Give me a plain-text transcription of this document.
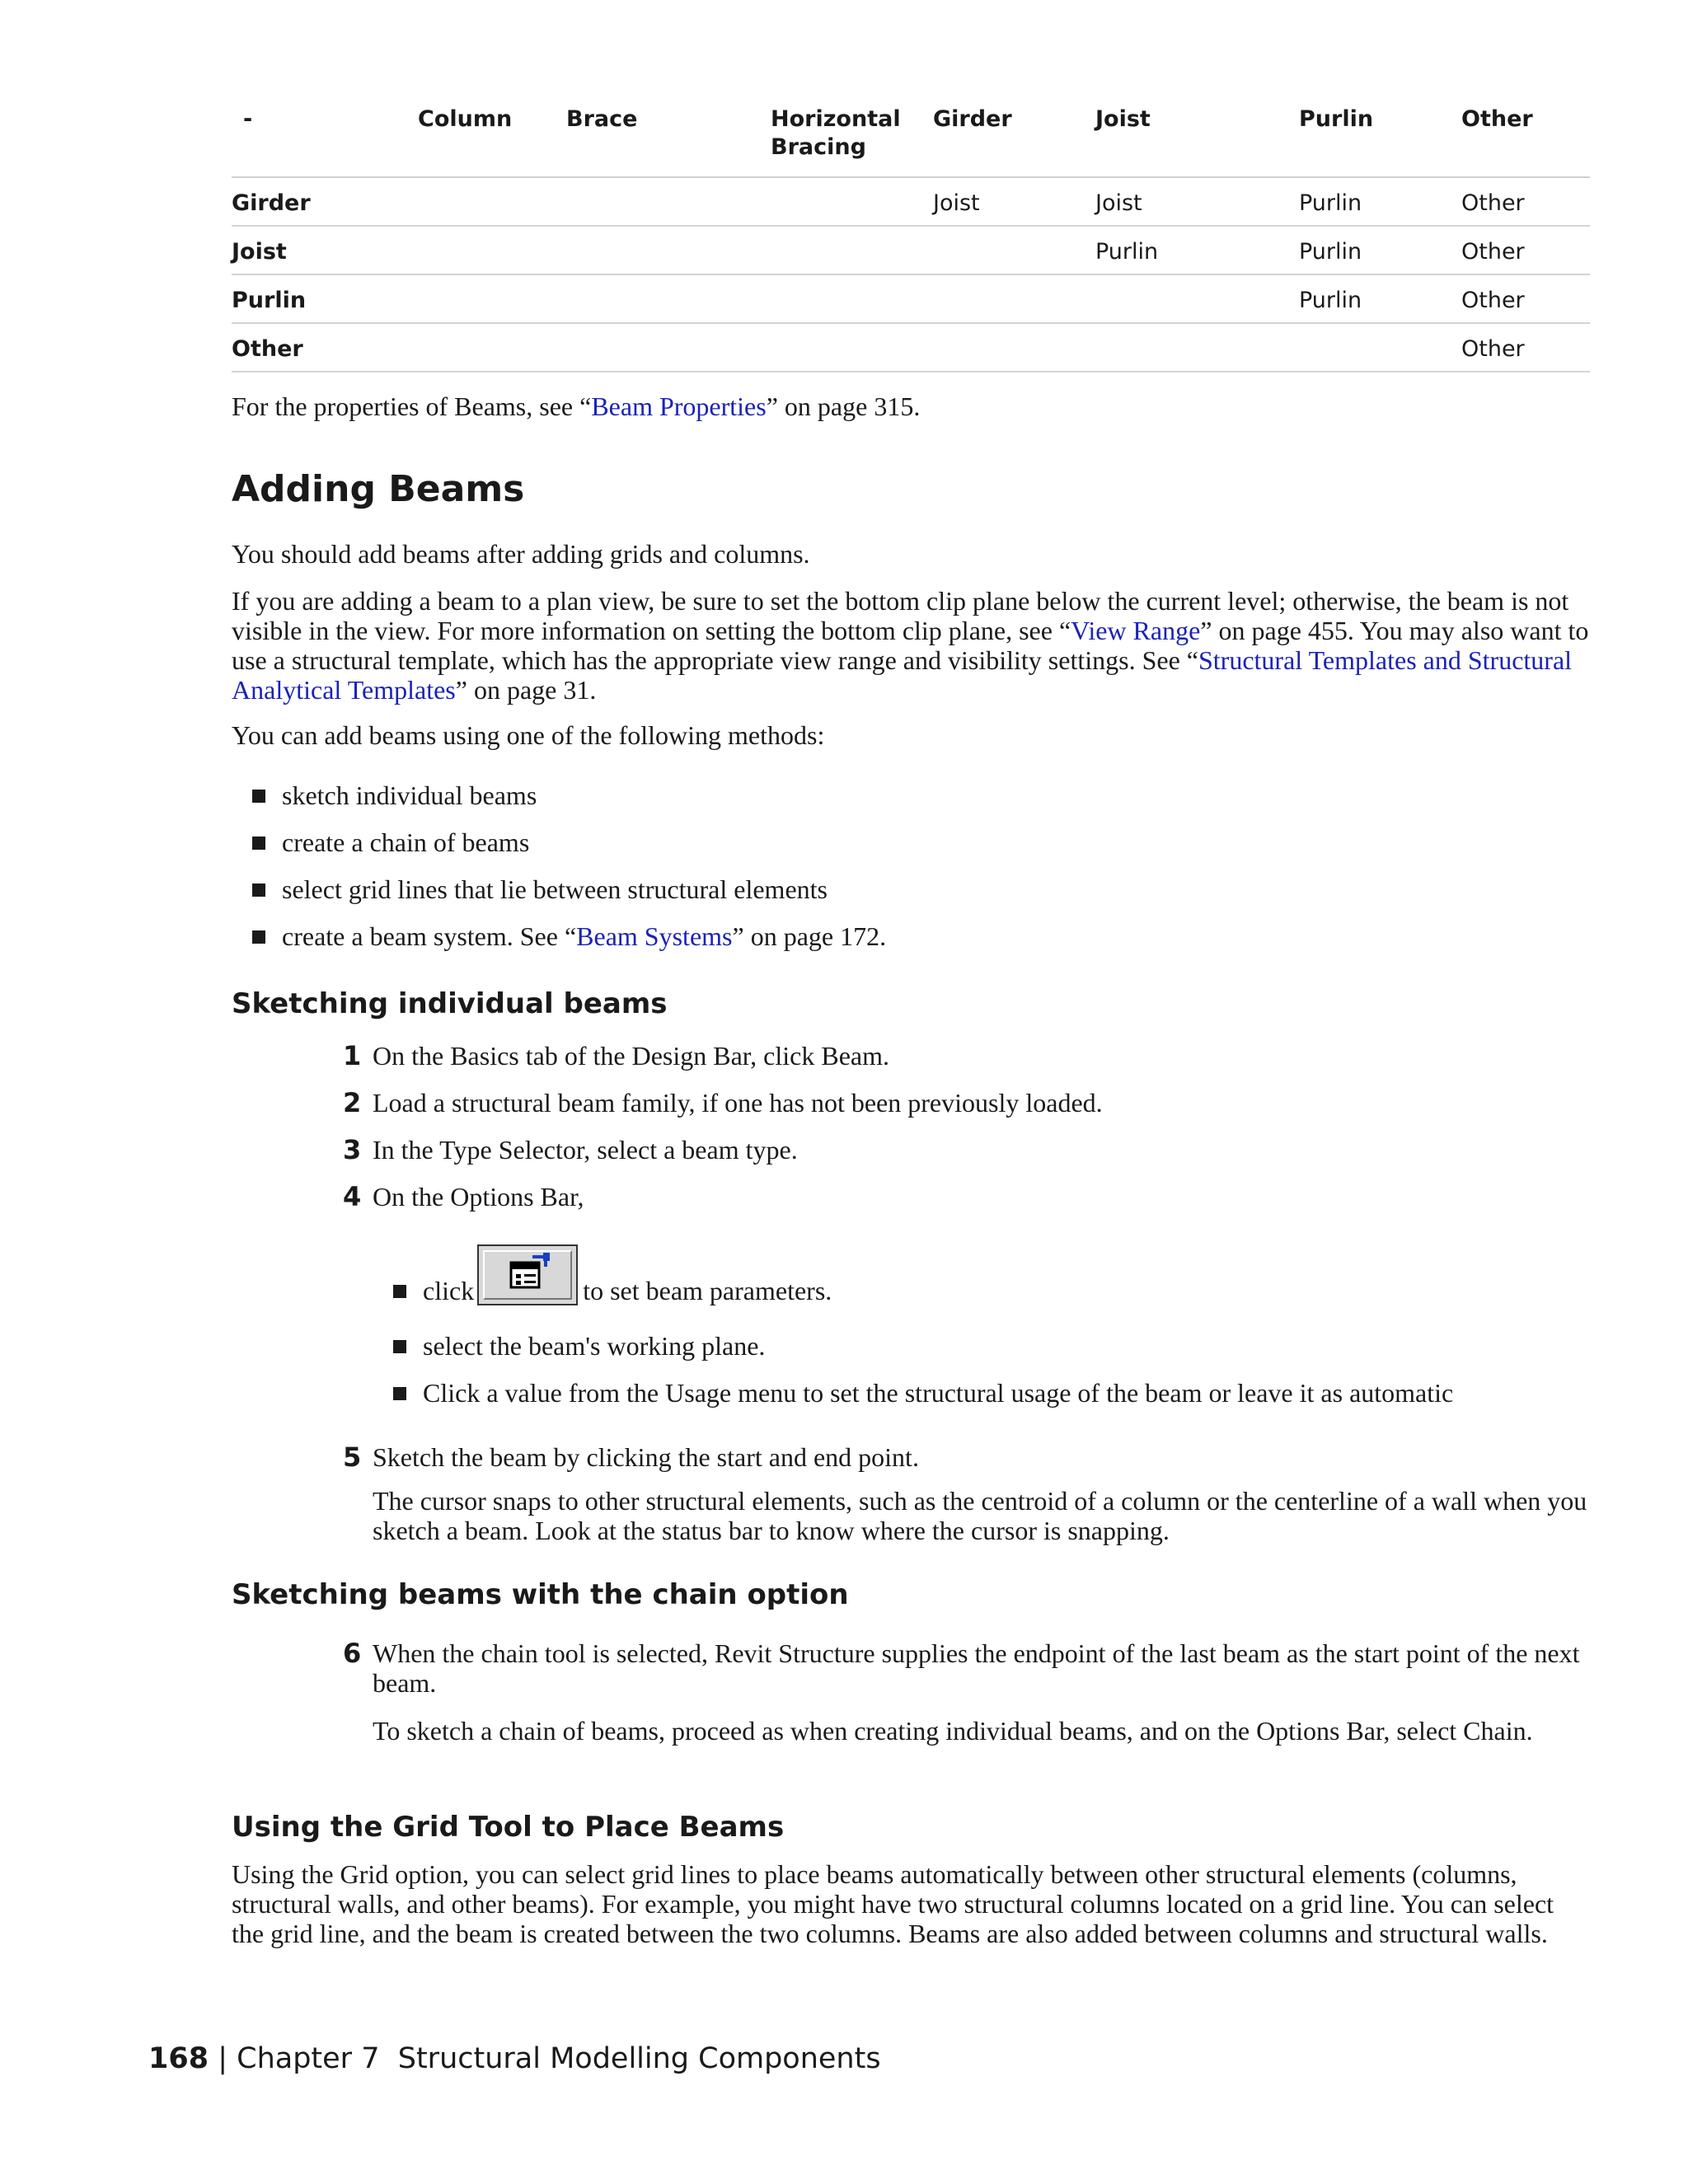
-	Column	Brace	Horizontal Bracing	Girder	Joist	Purlin	Other
Girder				Joist	Joist	Purlin	Other
Joist					Purlin	Purlin	Other
Purlin						Purlin	Other
Other							Other

For the properties of Beams, see “Beam Properties” on page 315.

Adding Beams

You should add beams after adding grids and columns.

If you are adding a beam to a plan view, be sure to set the bottom clip plane below the current level; otherwise, the beam is not visible in the view. For more information on setting the bottom clip plane, see “View Range” on page 455. You may also want to use a structural template, which has the appropriate view range and visibility settings. See “Structural Templates and Structural Analytical Templates” on page 31.

You can add beams using one of the following methods:

sketch individual beams
create a chain of beams
select grid lines that lie between structural elements
create a beam system. See “Beam Systems” on page 172.
Sketching individual beams
1 On the Basics tab of the Design Bar, click Beam.
2 Load a structural beam family, if one has not been previously loaded.
3 In the Type Selector, select a beam type.
4 On the Options Bar,
click	to set beam parameters.
select the beam's working plane.
Click a value from the Usage menu to set the structural usage of the beam or leave it as automatic
5 Sketch the beam by clicking the start and end point.
The cursor snaps to other structural elements, such as the centroid of a column or the centerline of a wall when you sketch a beam. Look at the status bar to know where the cursor is snapping.
Sketching beams with the chain option
6 When the chain tool is selected, Revit Structure supplies the endpoint of the last beam as the start point of the next beam.
To sketch a chain of beams, proceed as when creating individual beams, and on the Options Bar, select Chain.
Using the Grid Tool to Place Beams

Using the Grid option, you can select grid lines to place beams automatically between other structural elements (columns, structural walls, and other beams). For example, you might have two structural columns located on a grid line. You can select the grid line, and the beam is created between the two columns. Beams are also added between columns and structural walls.

168 | Chapter 7 Structural Modelling Components
